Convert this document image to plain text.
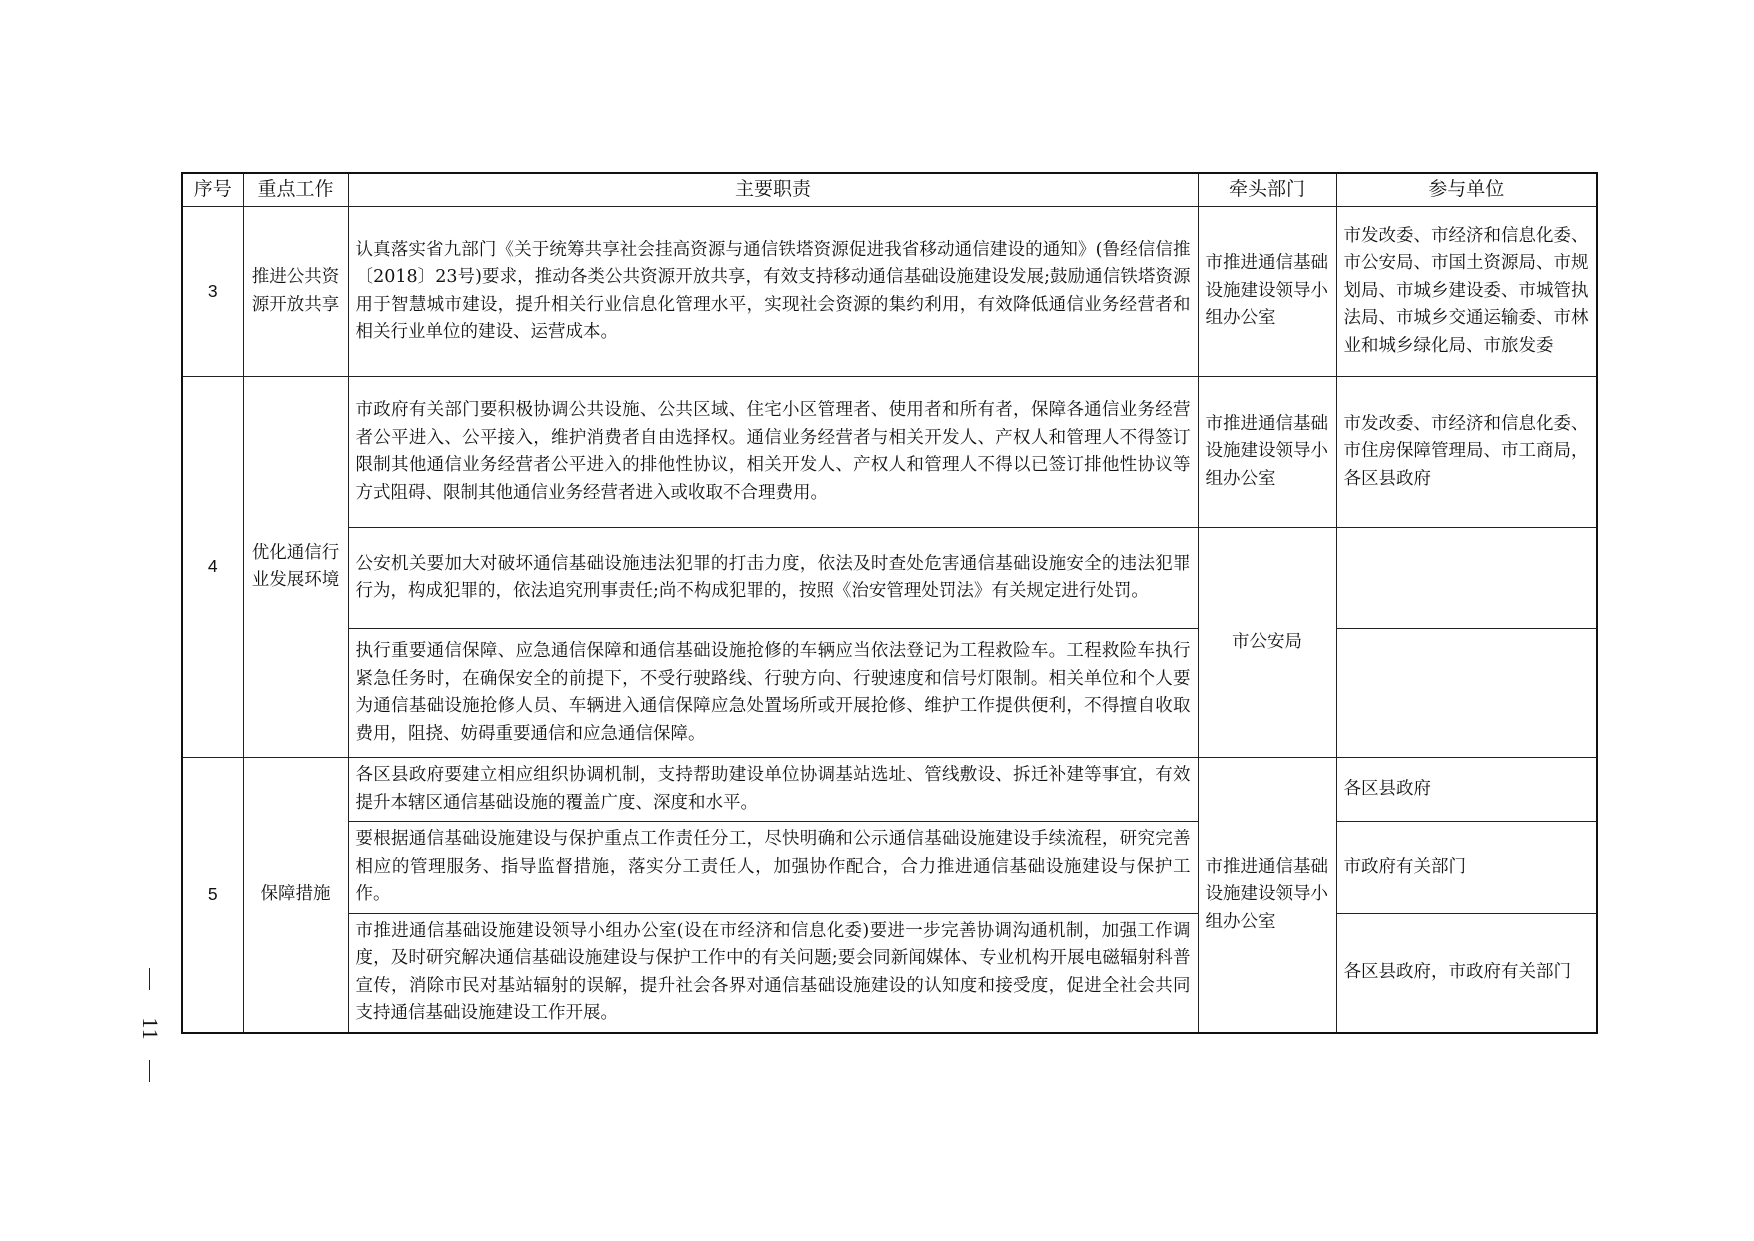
序号	重点工作	主要职责	牵头部门	参与单位
3	推进公共资源开放共享	认真落实省九部门《关于统筹共享社会挂高资源与通信铁塔资源促进我省移动通信建设的通知》(鲁经信信推〔2018〕23号)要求，推动各类公共资源开放共享，有效支持移动通信基础设施建设发展;鼓励通信铁塔资源用于智慧城市建设，提升相关行业信息化管理水平，实现社会资源的集约利用，有效降低通信业务经营者和相关行业单位的建设、运营成本。	市推进通信基础设施建设领导小组办公室	市发改委、市经济和信息化委、市公安局、市国土资源局、市规划局、市城乡建设委、市城管执法局、市城乡交通运输委、市林业和城乡绿化局、市旅发委
4	优化通信行业发展环境	市政府有关部门要积极协调公共设施、公共区域、住宅小区管理者、使用者和所有者，保障各通信业务经营者公平进入、公平接入，维护消费者自由选择权。通信业务经营者与相关开发人、产权人和管理人不得签订限制其他通信业务经营者公平进入的排他性协议，相关开发人、产权人和管理人不得以已签订排他性协议等方式阻碍、限制其他通信业务经营者进入或收取不合理费用。	市推进通信基础设施建设领导小组办公室	市发改委、市经济和信息化委、市住房保障管理局、市工商局，各区县政府
		公安机关要加大对破坏通信基础设施违法犯罪的打击力度，依法及时查处危害通信基础设施安全的违法犯罪行为，构成犯罪的，依法追究刑事责任;尚不构成犯罪的，按照《治安管理处罚法》有关规定进行处罚。	市公安局	
		执行重要通信保障、应急通信保障和通信基础设施抢修的车辆应当依法登记为工程救险车。工程救险车执行紧急任务时，在确保安全的前提下，不受行驶路线、行驶方向、行驶速度和信号灯限制。相关单位和个人要为通信基础设施抢修人员、车辆进入通信保障应急处置场所或开展抢修、维护工作提供便利，不得擅自收取费用，阻挠、妨碍重要通信和应急通信保障。		
5	保障措施	各区县政府要建立相应组织协调机制，支持帮助建设单位协调基站选址、管线敷设、拆迁补建等事宜，有效提升本辖区通信基础设施的覆盖广度、深度和水平。	市推进通信基础设施建设领导小组办公室	各区县政府
		要根据通信基础设施建设与保护重点工作责任分工，尽快明确和公示通信基础设施建设手续流程，研究完善相应的管理服务、指导监督措施，落实分工责任人，加强协作配合，合力推进通信基础设施建设与保护工作。		市政府有关部门
		市推进通信基础设施建设领导小组办公室(设在市经济和信息化委)要进一步完善协调沟通机制，加强工作调度，及时研究解决通信基础设施建设与保护工作中的有关问题;要会同新闻媒体、专业机构开展电磁辐射科普宣传，消除市民对基站辐射的误解，提升社会各界对通信基础设施建设的认知度和接受度，促进全社会共同支持通信基础设施建设工作开展。		各区县政府，市政府有关部门
11
